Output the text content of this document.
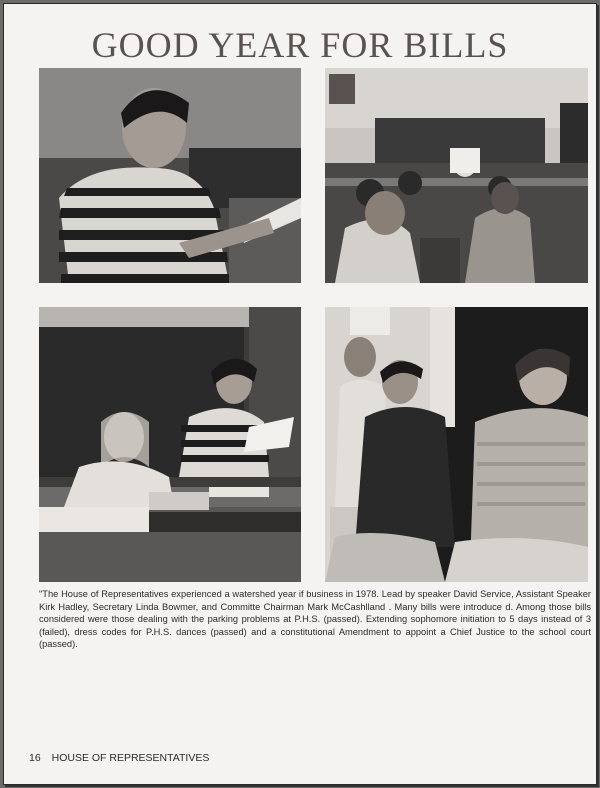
GOOD YEAR FOR BILLS

"The House of Representatives experienced a watershed year if business in 1978. Lead by speaker David Service, Assistant Speaker Kirk Hadley, Secretary Linda Bowmer, and Committe Chairman Mark McCashlland . Many bills were introduce d. Among those bills considered were those dealing with the parking problems at P.H.S. (passed). Extending sophomore initiation to 5 days instead of 3 (failed), dress codes for P.H.S. dances (passed) and a constitutional Amendment to appoint a Chief Justice to the school court (passed).

16 HOUSE OF REPRESENTATIVES
